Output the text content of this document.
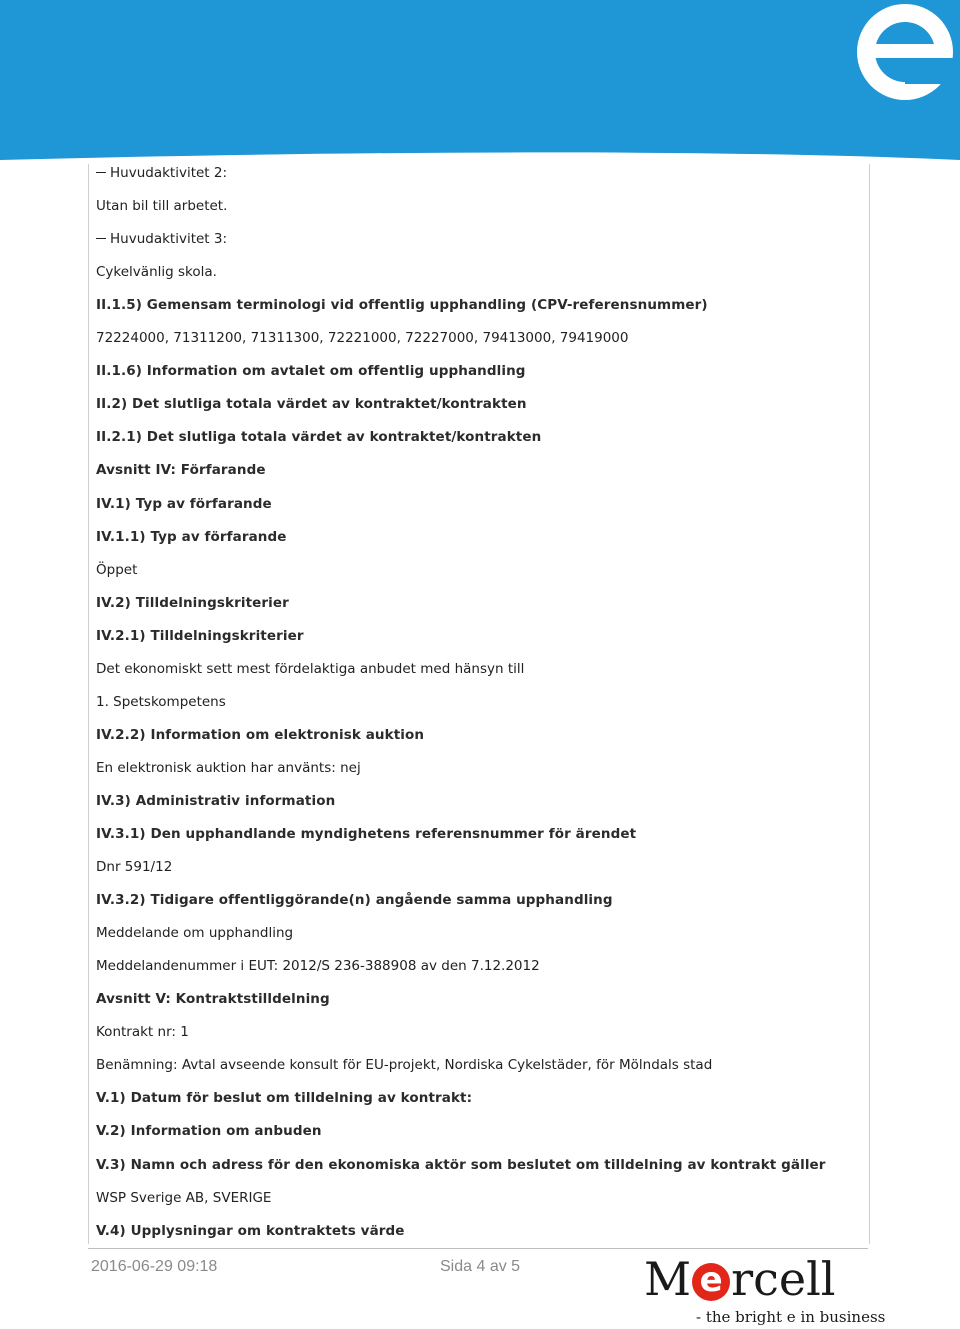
Huvudaktivitet 2:
Utan bil till arbetet.
Huvudaktivitet 3:
Cykelvänlig skola.
II.1.5) Gemensam terminologi vid offentlig upphandling (CPV-referensnummer)
72224000, 71311200, 71311300, 72221000, 72227000, 79413000, 79419000
II.1.6) Information om avtalet om offentlig upphandling
II.2) Det slutliga totala värdet av kontraktet/kontrakten
II.2.1) Det slutliga totala värdet av kontraktet/kontrakten
Avsnitt IV: Förfarande
IV.1) Typ av förfarande
IV.1.1) Typ av förfarande
Öppet
IV.2) Tilldelningskriterier
IV.2.1) Tilldelningskriterier
Det ekonomiskt sett mest fördelaktiga anbudet med hänsyn till
1. Spetskompetens
IV.2.2) Information om elektronisk auktion
En elektronisk auktion har använts: nej
IV.3) Administrativ information
IV.3.1) Den upphandlande myndighetens referensnummer för ärendet
Dnr 591/12
IV.3.2) Tidigare offentliggörande(n) angående samma upphandling
Meddelande om upphandling
Meddelandenummer i EUT: 2012/S 236-388908 av den 7.12.2012
Avsnitt V: Kontraktstilldelning
Kontrakt nr: 1
Benämning: Avtal avseende konsult för EU-projekt, Nordiska Cykelstäder, för Mölndals stad
V.1) Datum för beslut om tilldelning av kontrakt:
V.2) Information om anbuden
V.3) Namn och adress för den ekonomiska aktör som beslutet om tilldelning av kontrakt gäller
WSP Sverige AB, SVERIGE
V.4) Upplysningar om kontraktets värde
2016-06-29 09:18	Sida 4 av 5	M e rcell
- the bright e in business
